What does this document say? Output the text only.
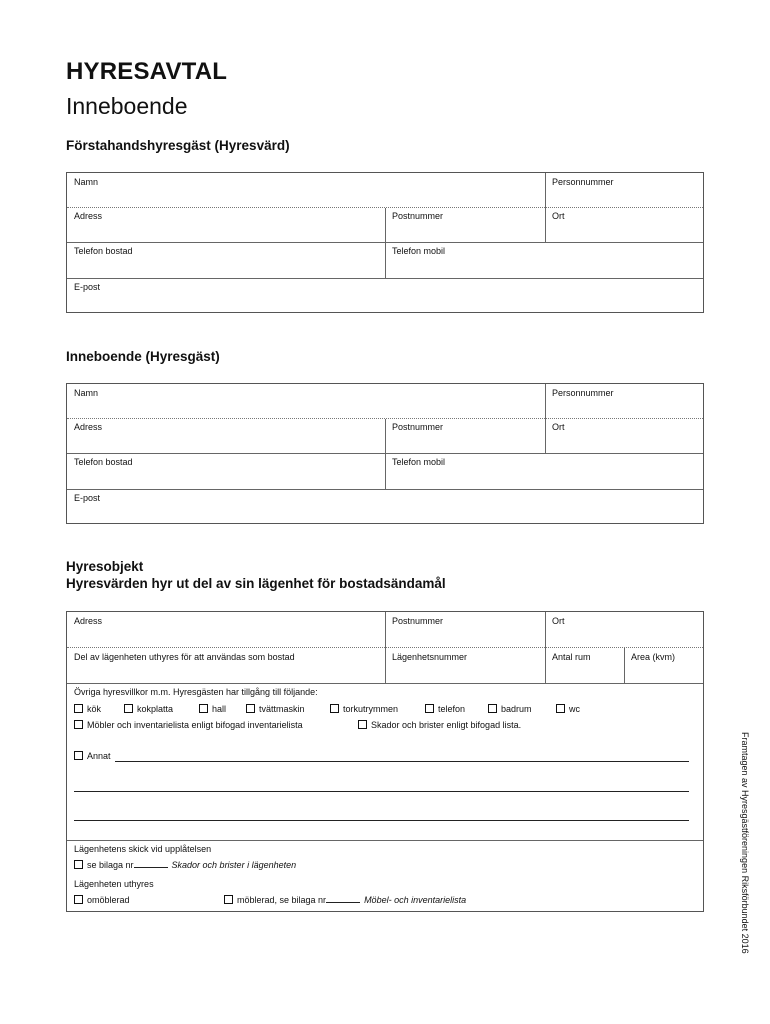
HYRESAVTAL
Inneboende
Förstahandshyresgäst (Hyresvärd)
Namn	Personnummer
Adress	Postnummer	Ort
Telefon bostad	Telefon mobil
E-post
Inneboende (Hyresgäst)
Namn	Personnummer
Adress	Postnummer	Ort
Telefon bostad	Telefon mobil
E-post
Hyresobjekt
Hyresvärden hyr ut del av sin lägenhet för bostadsändamål
Adress	Postnummer	Ort
Del av lägenheten uthyres för att användas som bostad	Lägenhetsnummer	Antal rum	Area (kvm)
Övriga hyresvillkor m.m. Hyresgästen har tillgång till följande:
kök	kokplatta	hall	tvättmaskin	torkutrymmen	telefon	badrum	wc
Möbler och inventarielista enligt bifogad inventarielista	Skador och brister enligt bifogad lista.
Annat
Lägenhetens skick vid upplåtelsen
se bilaga nr	Skador och brister i lägenheten
Lägenheten uthyres
omöblerad	möblerad, se bilaga nr	Möbel- och inventarielista	Framtagen av Hyresgästföreningen Riksförbundet 2016
